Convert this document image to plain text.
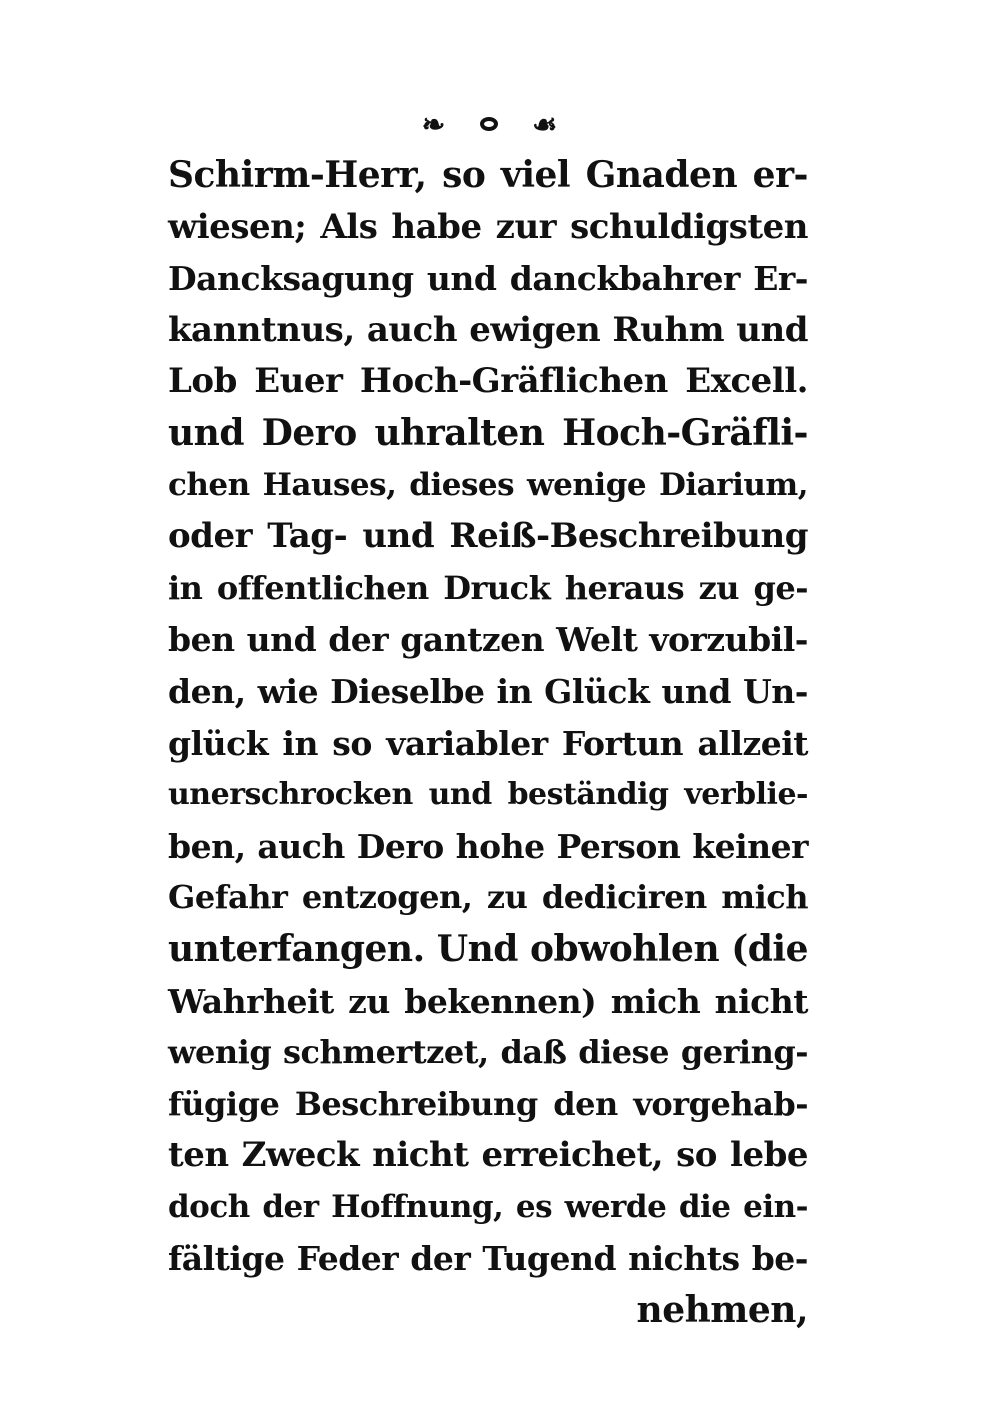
❧	☙
Schirm-Herr, so viel Gnaden er-
wiesen; Als habe zur schuldigsten
Dancksagung und danckbahrer Er-
kanntnus, auch ewigen Ruhm und
Lob Euer Hoch-Gräflichen Excell.
und Dero uhralten Hoch-Gräfli-
chen Hauses, dieses wenige Diarium,
oder Tag- und Reiß-Beschreibung
in offentlichen Druck heraus zu ge-
ben und der gantzen Welt vorzubil-
den, wie Dieselbe in Glück und Un-
glück in so variabler Fortun allzeit
unerschrocken und beständig verblie-
ben, auch Dero hohe Person keiner
Gefahr entzogen, zu dediciren mich
unterfangen. Und obwohlen (die
Wahrheit zu bekennen) mich nicht
wenig schmertzet, daß diese gering-
fügige Beschreibung den vorgehab-
ten Zweck nicht erreichet, so lebe
doch der Hoffnung, es werde die ein-
fältige Feder der Tugend nichts be-
nehmen,
